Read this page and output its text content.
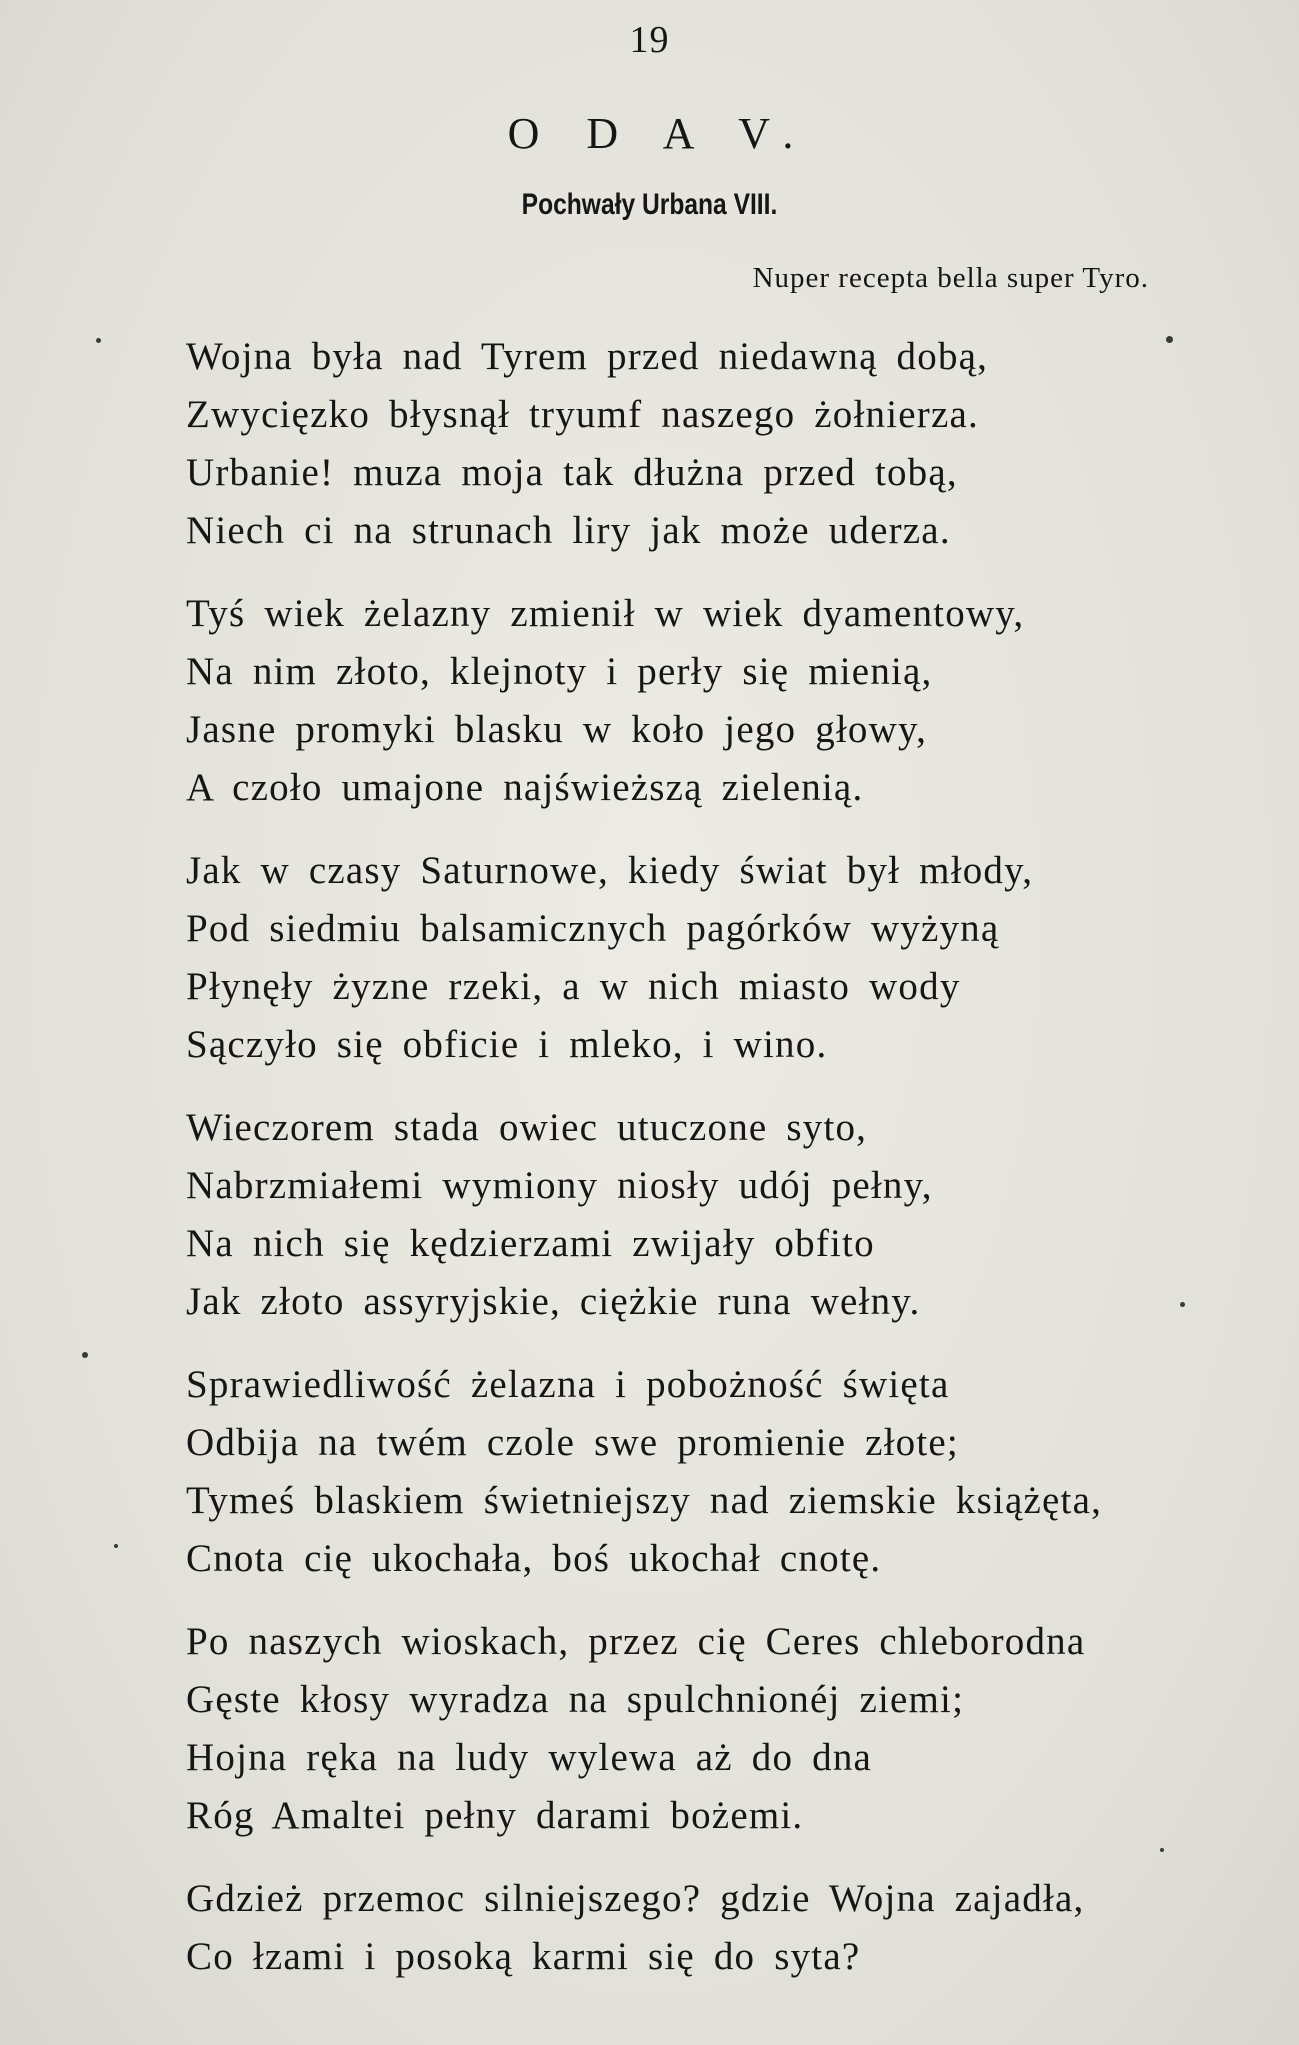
19
O D A V.
Pochwały Urbana VIII.
Nuper recepta bella super Tyro.
Wojna była nad Tyrem przed niedawną dobą,
Zwycięzko błysnął tryumf naszego żołnierza.
Urbanie! muza moja tak dłużna przed tobą,
Niech ci na strunach liry jak może uderza.
Tyś wiek żelazny zmienił w wiek dyamentowy,
Na nim złoto, klejnoty i perły się mienią,
Jasne promyki blasku w koło jego głowy,
A czoło umajone najświeższą zielenią.
Jak w czasy Saturnowe, kiedy świat był młody,
Pod siedmiu balsamicznych pagórków wyżyną
Płynęły żyzne rzeki, a w nich miasto wody
Sączyło się obficie i mleko, i wino.
Wieczorem stada owiec utuczone syto,
Nabrzmiałemi wymiony niosły udój pełny,
Na nich się kędzierzami zwijały obfito
Jak złoto assyryjskie, ciężkie runa wełny.
Sprawiedliwość żelazna i pobożność święta
Odbija na twém czole swe promienie złote;
Tymeś blaskiem świetniejszy nad ziemskie książęta,
Cnota cię ukochała, boś ukochał cnotę.
Po naszych wioskach, przez cię Ceres chleborodna
Gęste kłosy wyradza na spulchnionéj ziemi;
Hojna ręka na ludy wylewa aż do dna
Róg Amaltei pełny darami bożemi.
Gdzież przemoc silniejszego? gdzie Wojna zajadła,
Co łzami i posoką karmi się do syta?
